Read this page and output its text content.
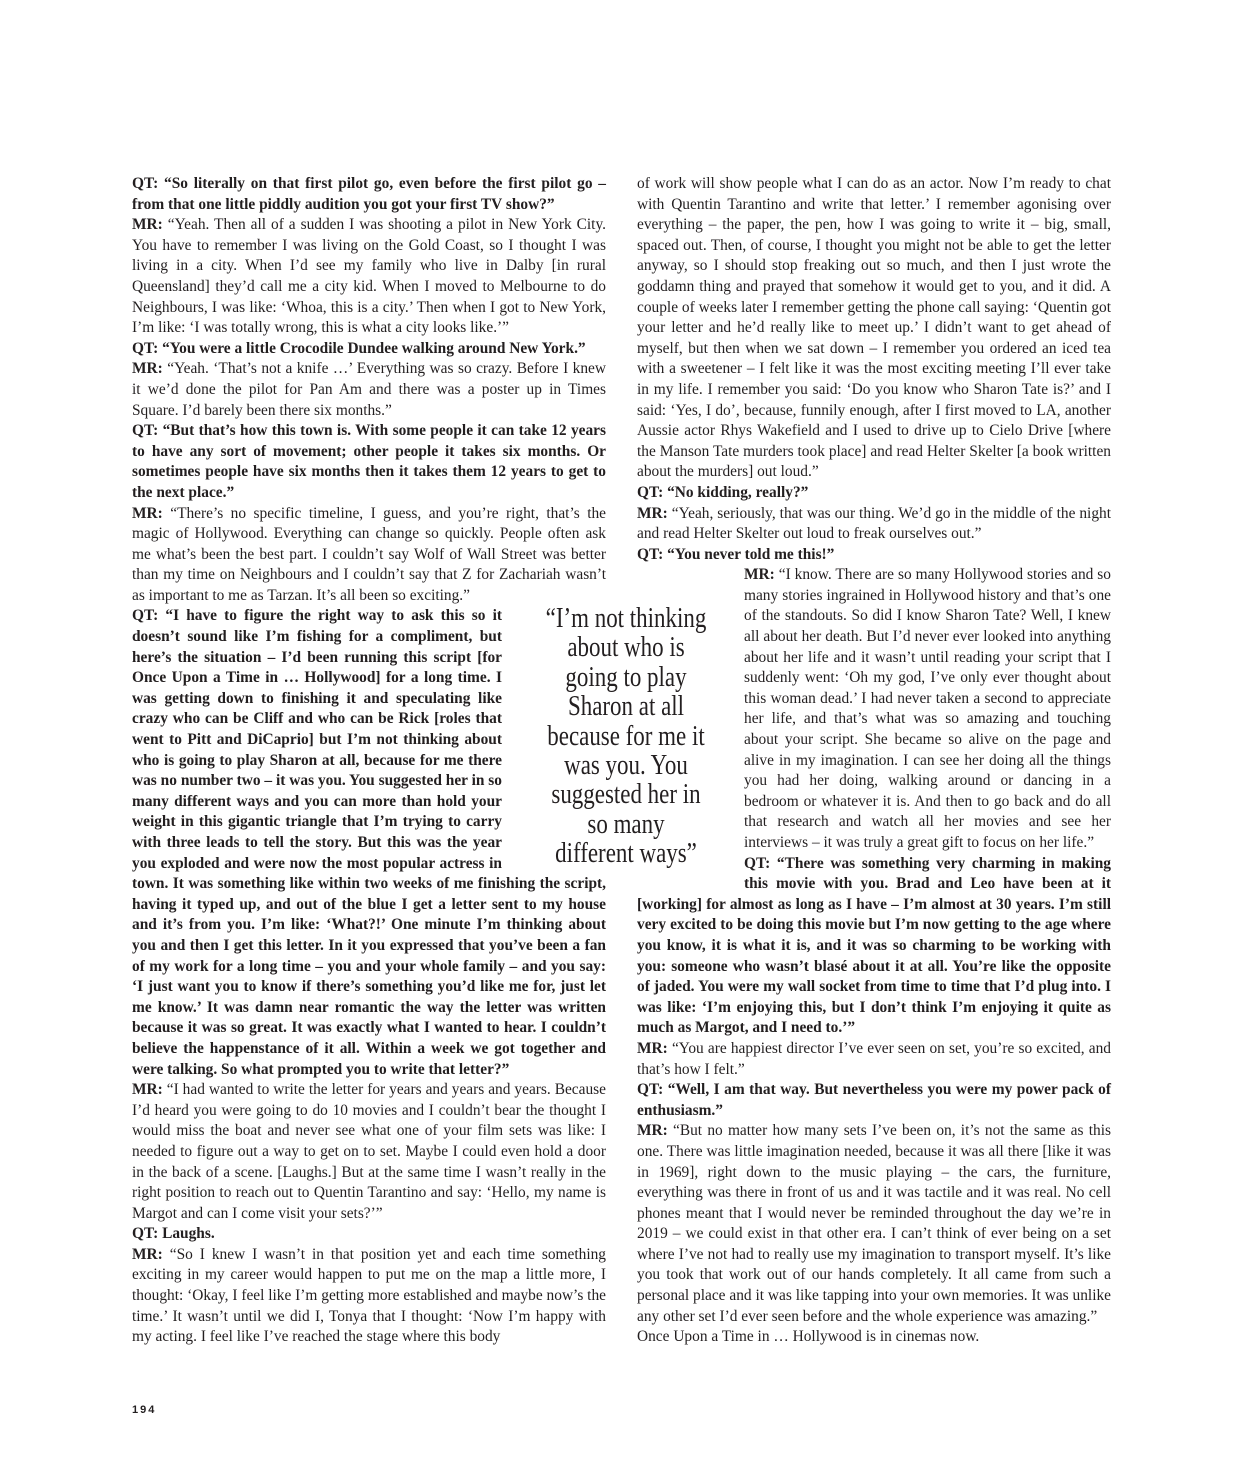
QT: “So literally on that first pilot go, even before the first pilot go – from that one little piddly audition you got your first TV show?”

MR: “Yeah. Then all of a sudden I was shooting a pilot in New York City. You have to remember I was living on the Gold Coast, so I thought I was living in a city. When I’d see my family who live in Dalby [in rural Queensland] they’d call me a city kid. When I moved to Melbourne to do Neighbours, I was like: ‘Whoa, this is a city.’ Then when I got to New York, I’m like: ‘I was totally wrong, this is what a city looks like.’”

QT: “You were a little Crocodile Dundee walking around New York.”

MR: “Yeah. ‘That’s not a knife …’ Everything was so crazy. Before I knew it we’d done the pilot for Pan Am and there was a poster up in Times Square. I’d barely been there six months.”

QT: “But that’s how this town is. With some people it can take 12 years to have any sort of movement; other people it takes six months. Or sometimes people have six months then it takes them 12 years to get to the next place.”

MR: “There’s no specific timeline, I guess, and you’re right, that’s the magic of Hollywood. Everything can change so quickly. People often ask me what’s been the best part. I couldn’t say Wolf of Wall Street was better than my time on Neighbours and I couldn’t say that Z for Zachariah wasn’t as important to me as Tarzan. It’s all been so exciting.”

QT: “I have to figure the right way to ask this so it doesn’t sound like I’m fishing for a compliment, but here’s the situation – I’d been running this script [for Once Upon a Time in … Hollywood] for a long time. I was getting down to finishing it and speculating like crazy who can be Cliff and who can be Rick [roles that went to Pitt and DiCaprio] but I’m not thinking about who is going to play Sharon at all, because for me there was no number two – it was you. You suggested her in so many different ways and you can more than hold your weight in this gigantic triangle that I’m trying to carry with three leads to tell the story. But this was the year you exploded and were now the most popular actress in town. It was something like within two weeks of me finishing the script, having it typed up, and out of the blue I get a letter sent to my house and it’s from you. I’m like: ‘What?!’ One minute I’m thinking about you and then I get this letter. In it you expressed that you’ve been a fan of my work for a long time – you and your whole family – and you say: ‘I just want you to know if there’s something you’d like me for, just let me know.’ It was damn near romantic the way the letter was written because it was so great. It was exactly what I wanted to hear. I couldn’t believe the happenstance of it all. Within a week we got together and were talking. So what prompted you to write that letter?”

MR: “I had wanted to write the letter for years and years and years. Because I’d heard you were going to do 10 movies and I couldn’t bear the thought I would miss the boat and never see what one of your film sets was like: I needed to figure out a way to get on to set. Maybe I could even hold a door in the back of a scene. [Laughs.] But at the same time I wasn’t really in the right position to reach out to Quentin Tarantino and say: ‘Hello, my name is Margot and can I come visit your sets?’”

QT: Laughs.

MR: “So I knew I wasn’t in that position yet and each time something exciting in my career would happen to put me on the map a little more, I thought: ‘Okay, I feel like I’m getting more established and maybe now’s the time.’ It wasn’t until we did I, Tonya that I thought: ‘Now I’m happy with my acting. I feel like I’ve reached the stage where this body

of work will show people what I can do as an actor. Now I’m ready to chat with Quentin Tarantino and write that letter.’ I remember agonising over everything – the paper, the pen, how I was going to write it – big, small, spaced out. Then, of course, I thought you might not be able to get the letter anyway, so I should stop freaking out so much, and then I just wrote the goddamn thing and prayed that somehow it would get to you, and it did. A couple of weeks later I remember getting the phone call saying: ‘Quentin got your letter and he’d really like to meet up.’ I didn’t want to get ahead of myself, but then when we sat down – I remember you ordered an iced tea with a sweetener – I felt like it was the most exciting meeting I’ll ever take in my life. I remember you said: ‘Do you know who Sharon Tate is?’ and I said: ‘Yes, I do’, because, funnily enough, after I first moved to LA, another Aussie actor Rhys Wakefield and I used to drive up to Cielo Drive [where the Manson Tate murders took place] and read Helter Skelter [a book written about the murders] out loud.”

QT: “No kidding, really?”

MR: “Yeah, seriously, that was our thing. We’d go in the middle of the night and read Helter Skelter out loud to freak ourselves out.”

QT: “You never told me this!”

MR: “I know. There are so many Hollywood stories and so many stories ingrained in Hollywood history and that’s one of the standouts. So did I know Sharon Tate? Well, I knew all about her death. But I’d never ever looked into anything about her life and it wasn’t until reading your script that I suddenly went: ‘Oh my god, I’ve only ever thought about this woman dead.’ I had never taken a second to appreciate her life, and that’s what was so amazing and touching about your script. She became so alive on the page and alive in my imagination. I can see her doing all the things you had her doing, walking around or dancing in a bedroom or whatever it is. And then to go back and do all that research and watch all her movies and see her interviews – it was truly a great gift to focus on her life.”

QT: “There was something very charming in making this movie with you. Brad and Leo have been at it [working] for almost as long as I have – I’m almost at 30 years. I’m still very excited to be doing this movie but I’m now getting to the age where you know, it is what it is, and it was so charming to be working with you: someone who wasn’t blasé about it at all. You’re like the opposite of jaded. You were my wall socket from time to time that I’d plug into. I was like: ‘I’m enjoying this, but I don’t think I’m enjoying it quite as much as Margot, and I need to.’”

MR: “You are happiest director I’ve ever seen on set, you’re so excited, and that’s how I felt.”

QT: “Well, I am that way. But nevertheless you were my power pack of enthusiasm.”

MR: “But no matter how many sets I’ve been on, it’s not the same as this one. There was little imagination needed, because it was all there [like it was in 1969], right down to the music playing – the cars, the furniture, everything was there in front of us and it was tactile and it was real. No cell phones meant that I would never be reminded throughout the day we’re in 2019 – we could exist in that other era. I can’t think of ever being on a set where I’ve not had to really use my imagination to transport myself. It’s like you took that work out of our hands completely. It all came from such a personal place and it was like tapping into your own memories. It was unlike any other set I’d ever seen before and the whole experience was amazing.”

Once Upon a Time in … Hollywood is in cinemas now.

“I’m not thinking about who is going to play Sharon at all because for me it was you. You suggested her in so many different ways”
194
